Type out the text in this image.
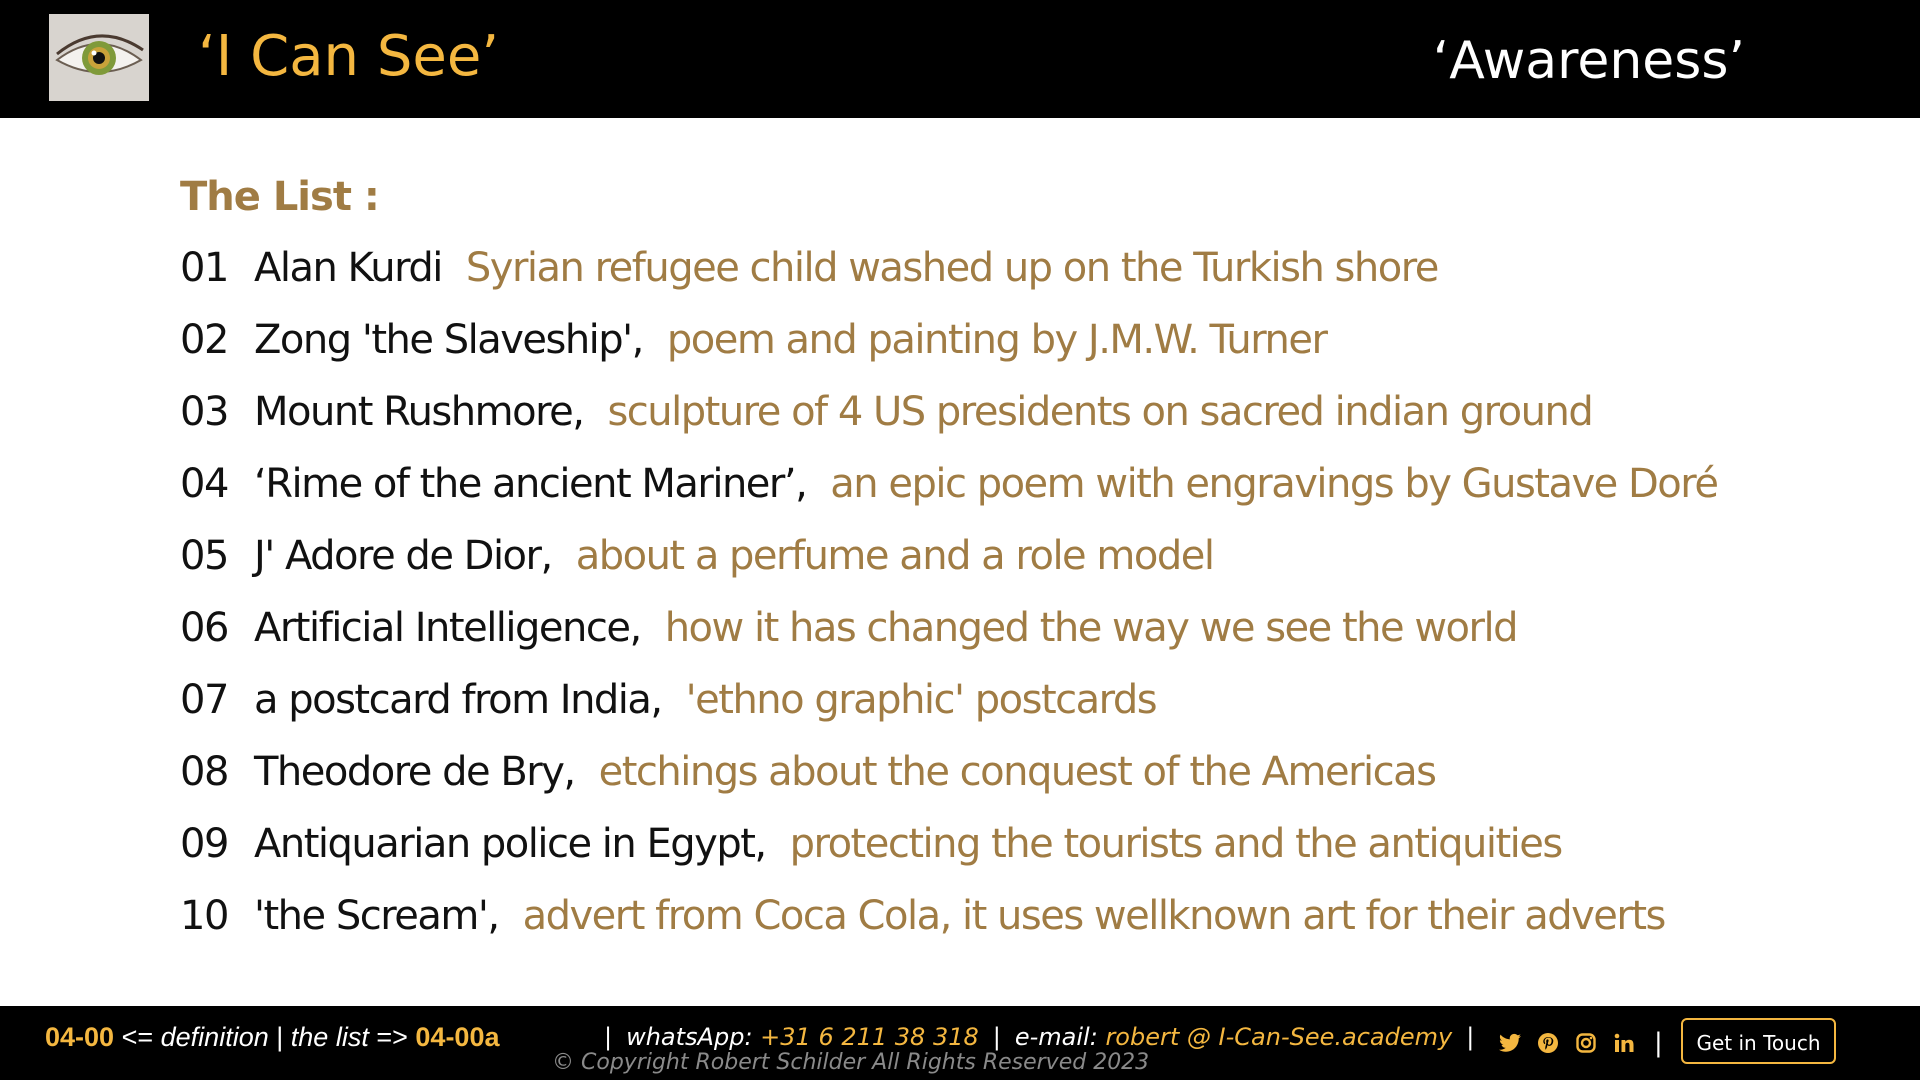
‘I Can See’	‘Awareness’
The List :
01 Alan Kurdi Syrian refugee child washed up on the Turkish shore
02 Zong 'the Slaveship', poem and painting by J.M.W. Turner
03 Mount Rushmore, sculpture of 4 US presidents on sacred indian ground
04 ‘Rime of the ancient Mariner’, an epic poem with engravings by Gustave Doré
05 J' Adore de Dior, about a perfume and a role model
06 Artificial Intelligence, how it has changed the way we see the world
07 a postcard from India, 'ethno graphic' postcards
08 Theodore de Bry, etchings about the conquest of the Americas
09 Antiquarian police in Egypt, protecting the tourists and the antiquities
10 'the Scream', advert from Coca Cola, it uses wellknown art for their adverts
04-00 <= definition | the list => 04-00a	| whatsApp: +31 6 211 38 318 | e-mail: robert @ I-Can-See.academy |
© Copyright Robert Schilder All Rights Reserved 2023
|	Get in Touch
